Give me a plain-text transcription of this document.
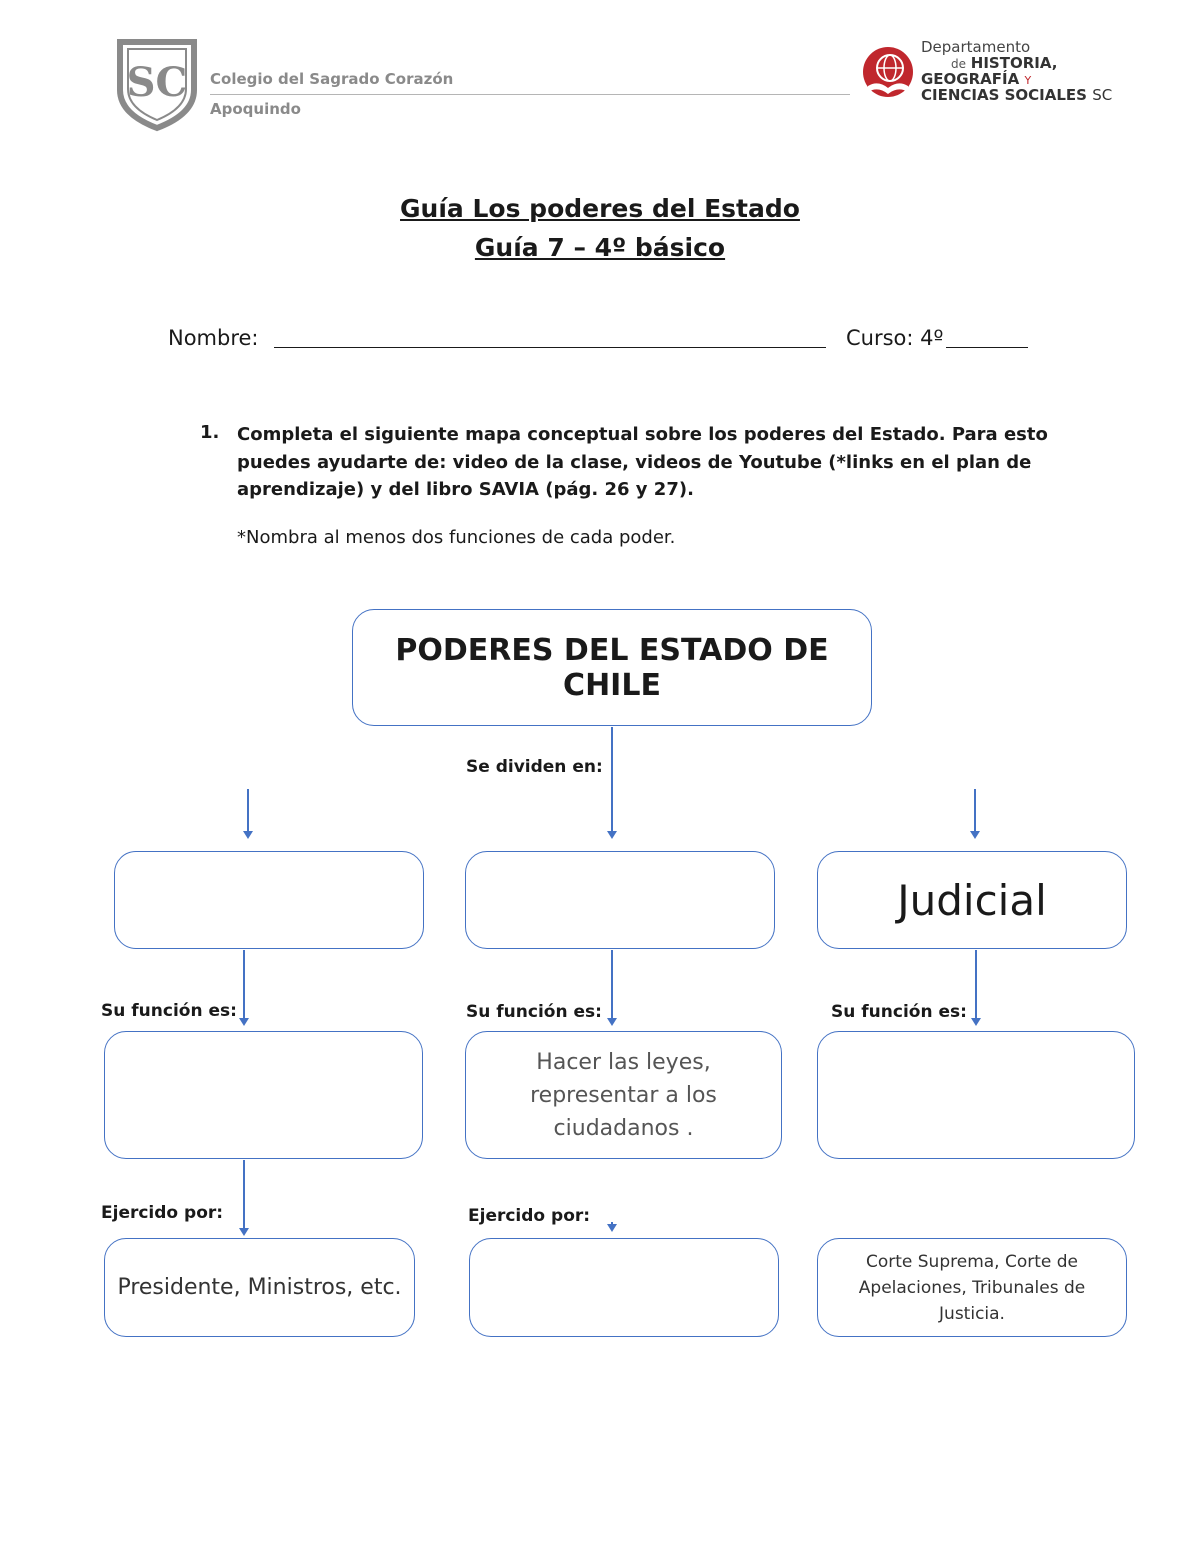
SC Colegio del Sagrado Corazón
Apoquindo
Departamento
de HISTORIA,
GEOGRAFÍA Y
CIENCIAS SOCIALES SC
Guía Los poderes del Estado
Guía 7 – 4º básico
Nombre:	Curso: 4º
1. Completa el siguiente mapa conceptual sobre los poderes del Estado. Para esto puedes ayudarte de: video de la clase, videos de Youtube (*links en el plan de aprendizaje) y del libro SAVIA (pág. 26 y 27).
*Nombra al menos dos funciones de cada poder.
PODERES DEL ESTADO DE CHILE
Se dividen en:
Judicial
Su función es:	Su función es:	Su función es:
Hacer las leyes, representar a los ciudadanos .
Ejercido por:	Ejercido por:
Presidente, Ministros, etc.
Corte Suprema, Corte de Apelaciones, Tribunales de Justicia.
